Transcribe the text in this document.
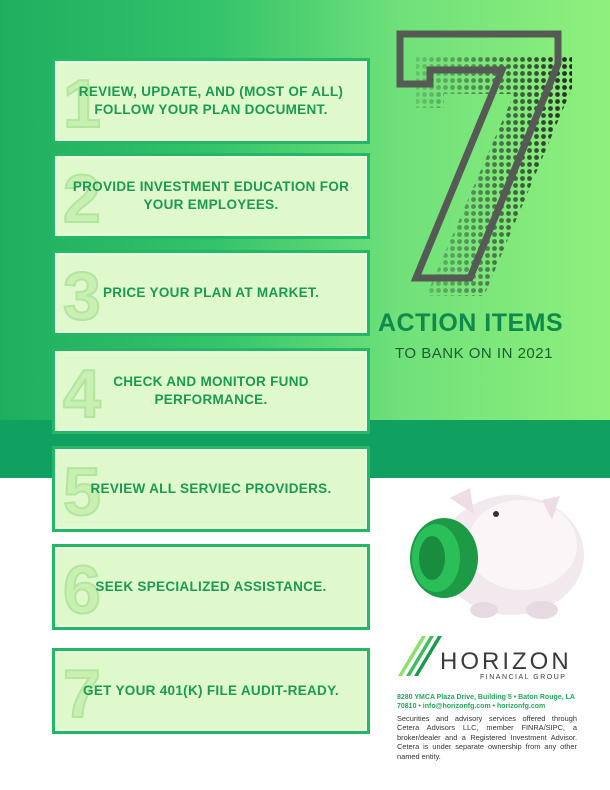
1
REVIEW, UPDATE, AND (MOST OF ALL) FOLLOW YOUR PLAN DOCUMENT.
2
PROVIDE INVESTMENT EDUCATION FOR YOUR EMPLOYEES.
3 PRICE YOUR PLAN AT MARKET.
4 CHECK AND MONITOR FUND PERFORMANCE.
5
REVIEW ALL SERVIEC PROVIDERS.
6
SEEK SPECIALIZED ASSISTANCE.
7
GET YOUR 401(K) FILE AUDIT-READY.
ACTION ITEMS
TO BANK ON IN 2021
HORIZON
FINANCIAL GROUP
8280 YMCA Plaza Drive, Building 5 • Baton Rouge, LA 70810 • info@horizonfg.com • horizonfg.com
Securities and advisory services offered through Cetera Advisors LLC, member FINRA/SIPC, a broker/dealer and a Registered Investment Advisor. Cetera is under separate ownership from any other named entity.
